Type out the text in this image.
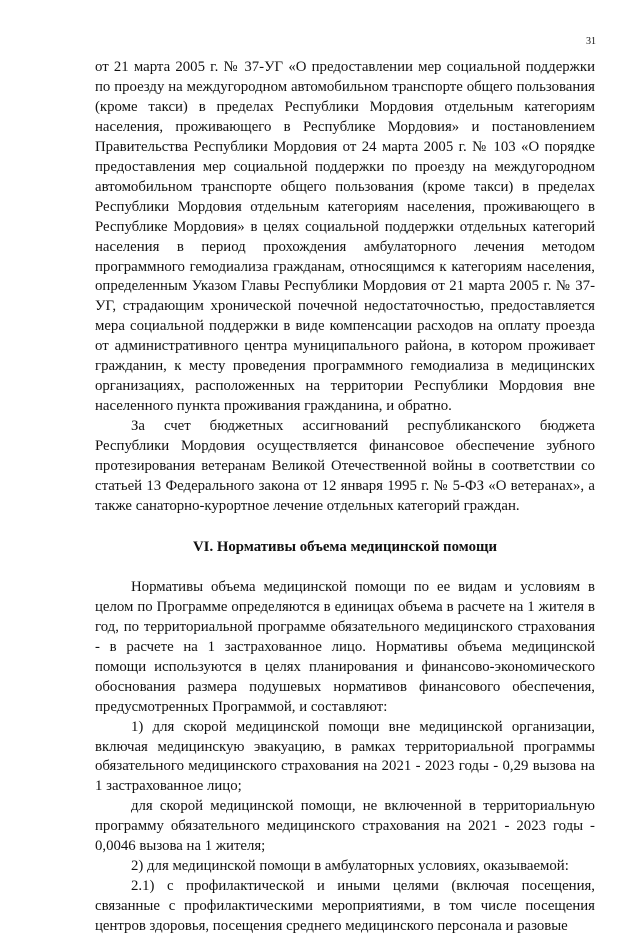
31

от 21 марта 2005 г. № 37-УГ «О предоставлении мер социальной поддержки по проезду на междугородном автомобильном транспорте общего пользования (кроме такси) в пределах Республики Мордовия отдельным категориям населения, проживающего в Республике Мордовия» и постановлением Правительства Республики Мордовия от 24 марта 2005 г. № 103 «О порядке предоставления мер социальной поддержки по проезду на междугородном автомобильном транспорте общего пользования (кроме такси) в пределах Республики Мордовия отдельным категориям населения, проживающего в Республике Мордовия» в целях социальной поддержки отдельных категорий населения в период прохождения амбулаторного лечения методом программного гемодиализа гражданам, относящимся к категориям населения, определенным Указом Главы Республики Мордовия от 21 марта 2005 г. № 37-УГ, страдающим хронической почечной недостаточностью, предоставляется мера социальной поддержки в виде компенсации расходов на оплату проезда от административного центра муниципального района, в котором проживает гражданин, к месту проведения программного гемодиализа в медицинских организациях, расположенных на территории Республики Мордовия вне населенного пункта проживания гражданина, и обратно.

За счет бюджетных ассигнований республиканского бюджета Республики Мордовия осуществляется финансовое обеспечение зубного протезирования ветеранам Великой Отечественной войны в соответствии со статьей 13 Федерального закона от 12 января 1995 г. № 5-ФЗ «О ветеранах», а также санаторно-курортное лечение отдельных категорий граждан.

VI. Нормативы объема медицинской помощи

Нормативы объема медицинской помощи по ее видам и условиям в целом по Программе определяются в единицах объема в расчете на 1 жителя в год, по территориальной программе обязательного медицинского страхования - в расчете на 1 застрахованное лицо. Нормативы объема медицинской помощи используются в целях планирования и финансово-экономического обоснования размера подушевых нормативов финансового обеспечения, предусмотренных Программой, и составляют:

1) для скорой медицинской помощи вне медицинской организации, включая медицинскую эвакуацию, в рамках территориальной программы обязательного медицинского страхования на 2021 - 2023 годы - 0,29 вызова на 1 застрахованное лицо;

для скорой медицинской помощи, не включенной в территориальную программу обязательного медицинского страхования на 2021 - 2023 годы - 0,0046 вызова на 1 жителя;

2) для медицинской помощи в амбулаторных условиях, оказываемой:

2.1) с профилактической и иными целями (включая посещения, связанные с профилактическими мероприятиями, в том числе посещения центров здоровья, посещения среднего медицинского персонала и разовые
